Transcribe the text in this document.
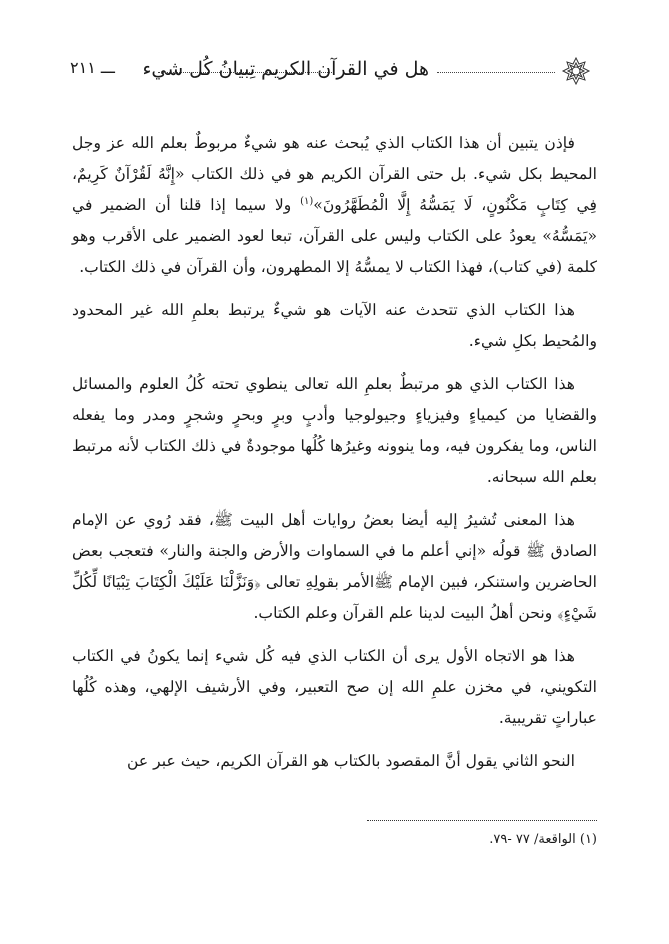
هل في القرآن الكريم تِبيانُ كُل شيء
ـــ ٢١١

فإذن يتبين أن هذا الكتاب الذي يُبحث عنه هو شيءٌ مربوطٌ بعلم الله عز وجل المحيط بكل شيء. بل حتى القرآن الكريم هو في ذلك الكتاب «إِنَّهُ لَقُرْآنٌ كَرِيمٌ، فِي كِتَابٍ مَكْنُونٍ، لَا يَمَسُّهُ إِلَّا الْمُطَهَّرُونَ»$^{(١)}$ ولا سيما إذا قلنا أن الضمير في «يَمَسُّهُ» يعودُ على الكتاب وليس على القرآن، تبعا لعود الضمير على الأقرب وهو كلمة (في كتاب)، فهذا الكتاب لا يمسُّهُ إلا المطهرون، وأن القرآن في ذلك الكتاب.

هذا الكتاب الذي تتحدث عنه الآيات هو شيءٌ يرتبط بعلمِ الله غير المحدود والمُحيط بكلِ شيء.

هذا الكتاب الذي هو مرتبطٌ بعلمِ الله تعالى ينطوي تحته كُلُ العلوم والمسائل والقضايا من كيمياءٍ وفيزياءٍ وجيولوجيا وأدبٍ وبرٍ وبحرٍ وشجرٍ ومدر وما يفعله الناس، وما يفكرون فيه، وما ينوونه وغيرُها كُلُها موجودةٌ في ذلك الكتاب لأنه مرتبط بعلم الله سبحانه.

هذا المعنى تُشيرُ إليه أيضا بعضُ روايات أهل البيت ﷺ، فقد رُوي عن الإمام الصادق ﷺ قولُه «إني أعلم ما في السماوات والأرض والجنة والنار» فتعجب بعض الحاضرين واستنكر، فبين الإمام ﷺالأمر بقولِهِ تعالى ﴿وَنَزَّلْنَا عَلَيْكَ الْكِتَابَ تِبْيَانًا لِّكُلِّ شَيْءٍ﴾ ونحن أهلُ البيت لدينا علم القرآن وعلم الكتاب.

هذا هو الاتجاه الأول يرى أن الكتاب الذي فيه كُل شيء إنما يكونُ في الكتاب التكويني، في مخزن علمِ الله إن صح التعبير، وفي الأرشيف الإلهي، وهذه كُلُها عباراتٍ تقريبية.

النحو الثاني يقول أنَّ المقصود بالكتاب هو القرآن الكريم، حيث عبر عن

(١) الواقعة/ ٧٧ -٧٩.
